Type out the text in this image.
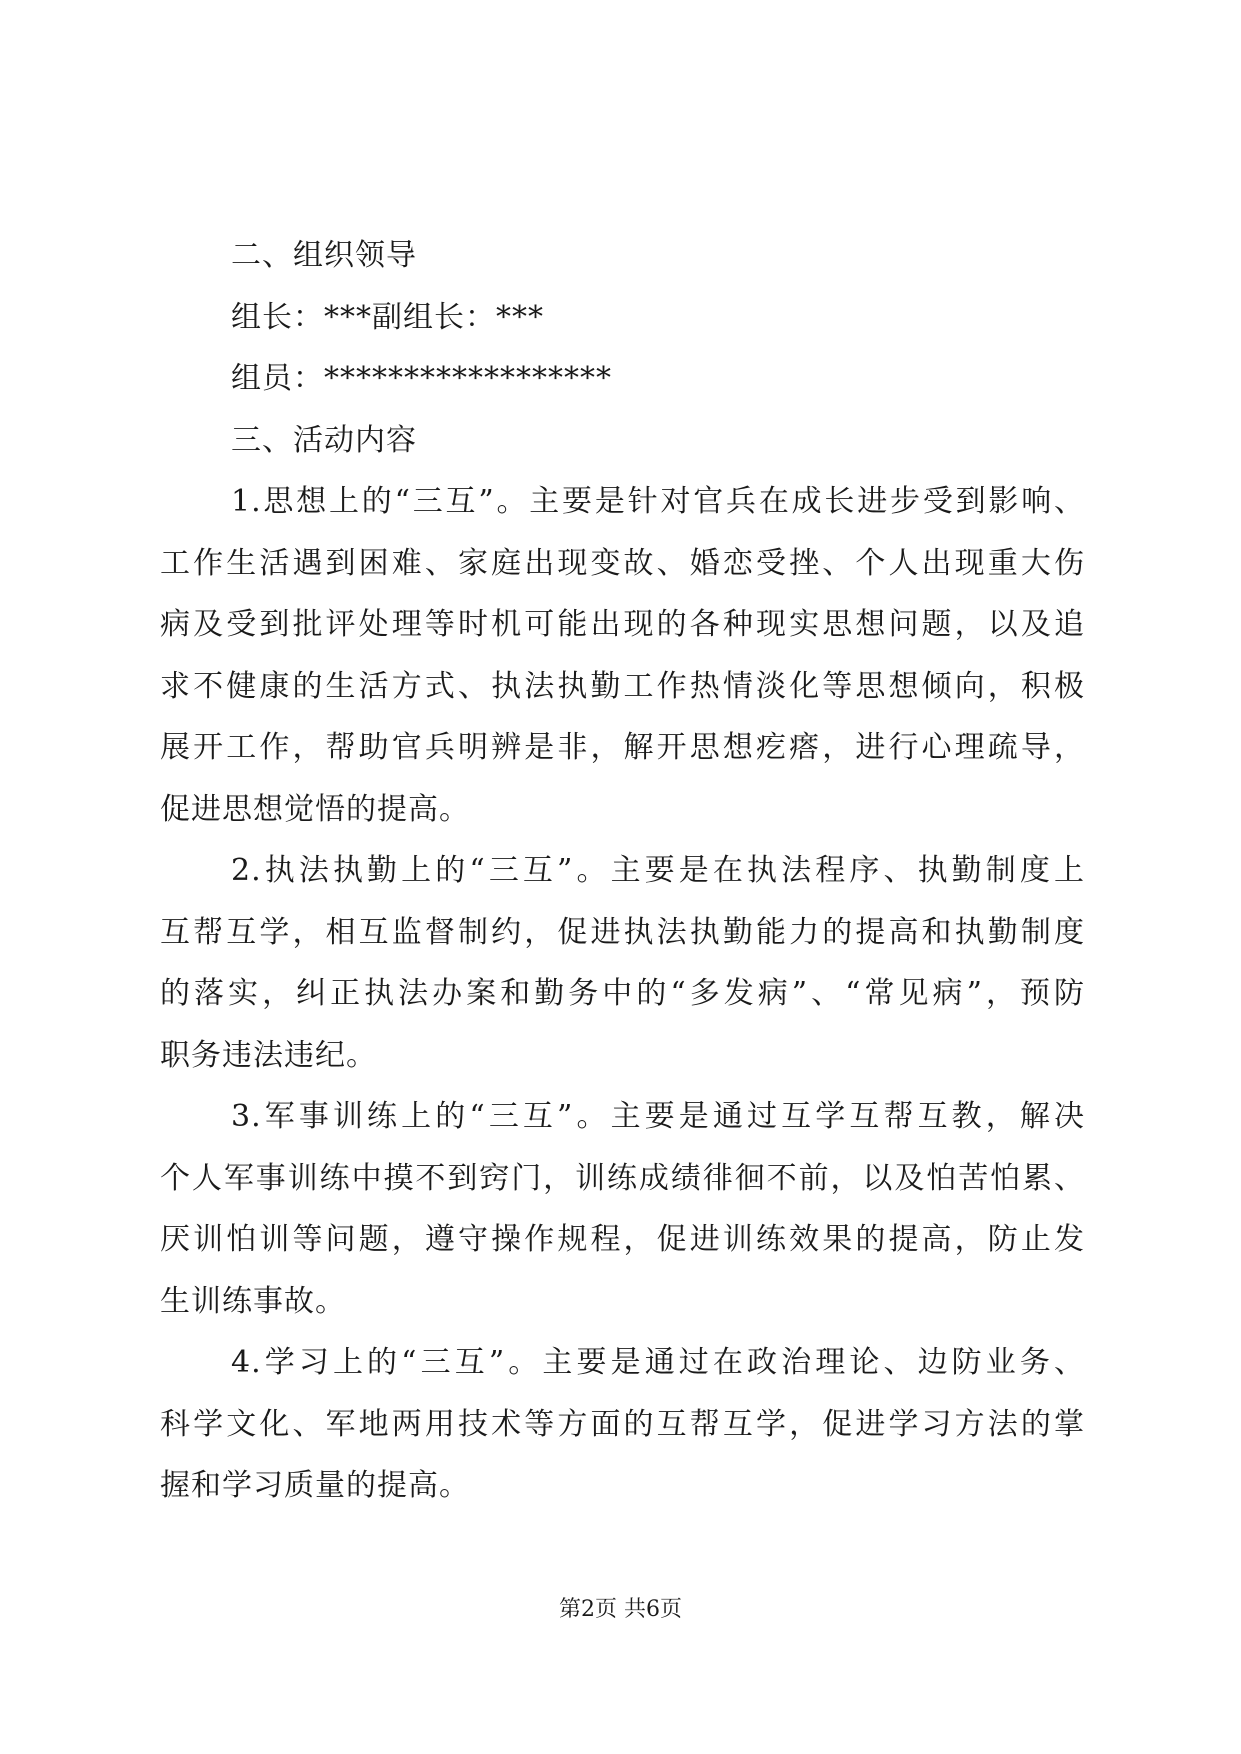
二、组织领导
组长：***副组长：***
组员：******************
三、活动内容
1.思想上的“三互”。主要是针对官兵在成长进步受到影响、
工作生活遇到困难、家庭出现变故、婚恋受挫、个人出现重大伤
病及受到批评处理等时机可能出现的各种现实思想问题，以及追
求不健康的生活方式、执法执勤工作热情淡化等思想倾向，积极
展开工作，帮助官兵明辨是非，解开思想疙瘩，进行心理疏导，
促进思想觉悟的提高。
2.执法执勤上的“三互”。主要是在执法程序、执勤制度上
互帮互学，相互监督制约，促进执法执勤能力的提高和执勤制度
的落实，纠正执法办案和勤务中的“多发病”、“常见病”，预防
职务违法违纪。
3.军事训练上的“三互”。主要是通过互学互帮互教，解决
个人军事训练中摸不到窍门，训练成绩徘徊不前，以及怕苦怕累、
厌训怕训等问题，遵守操作规程，促进训练效果的提高，防止发
生训练事故。
4.学习上的“三互”。主要是通过在政治理论、边防业务、
科学文化、军地两用技术等方面的互帮互学，促进学习方法的掌
握和学习质量的提高。
第2页 共6页
